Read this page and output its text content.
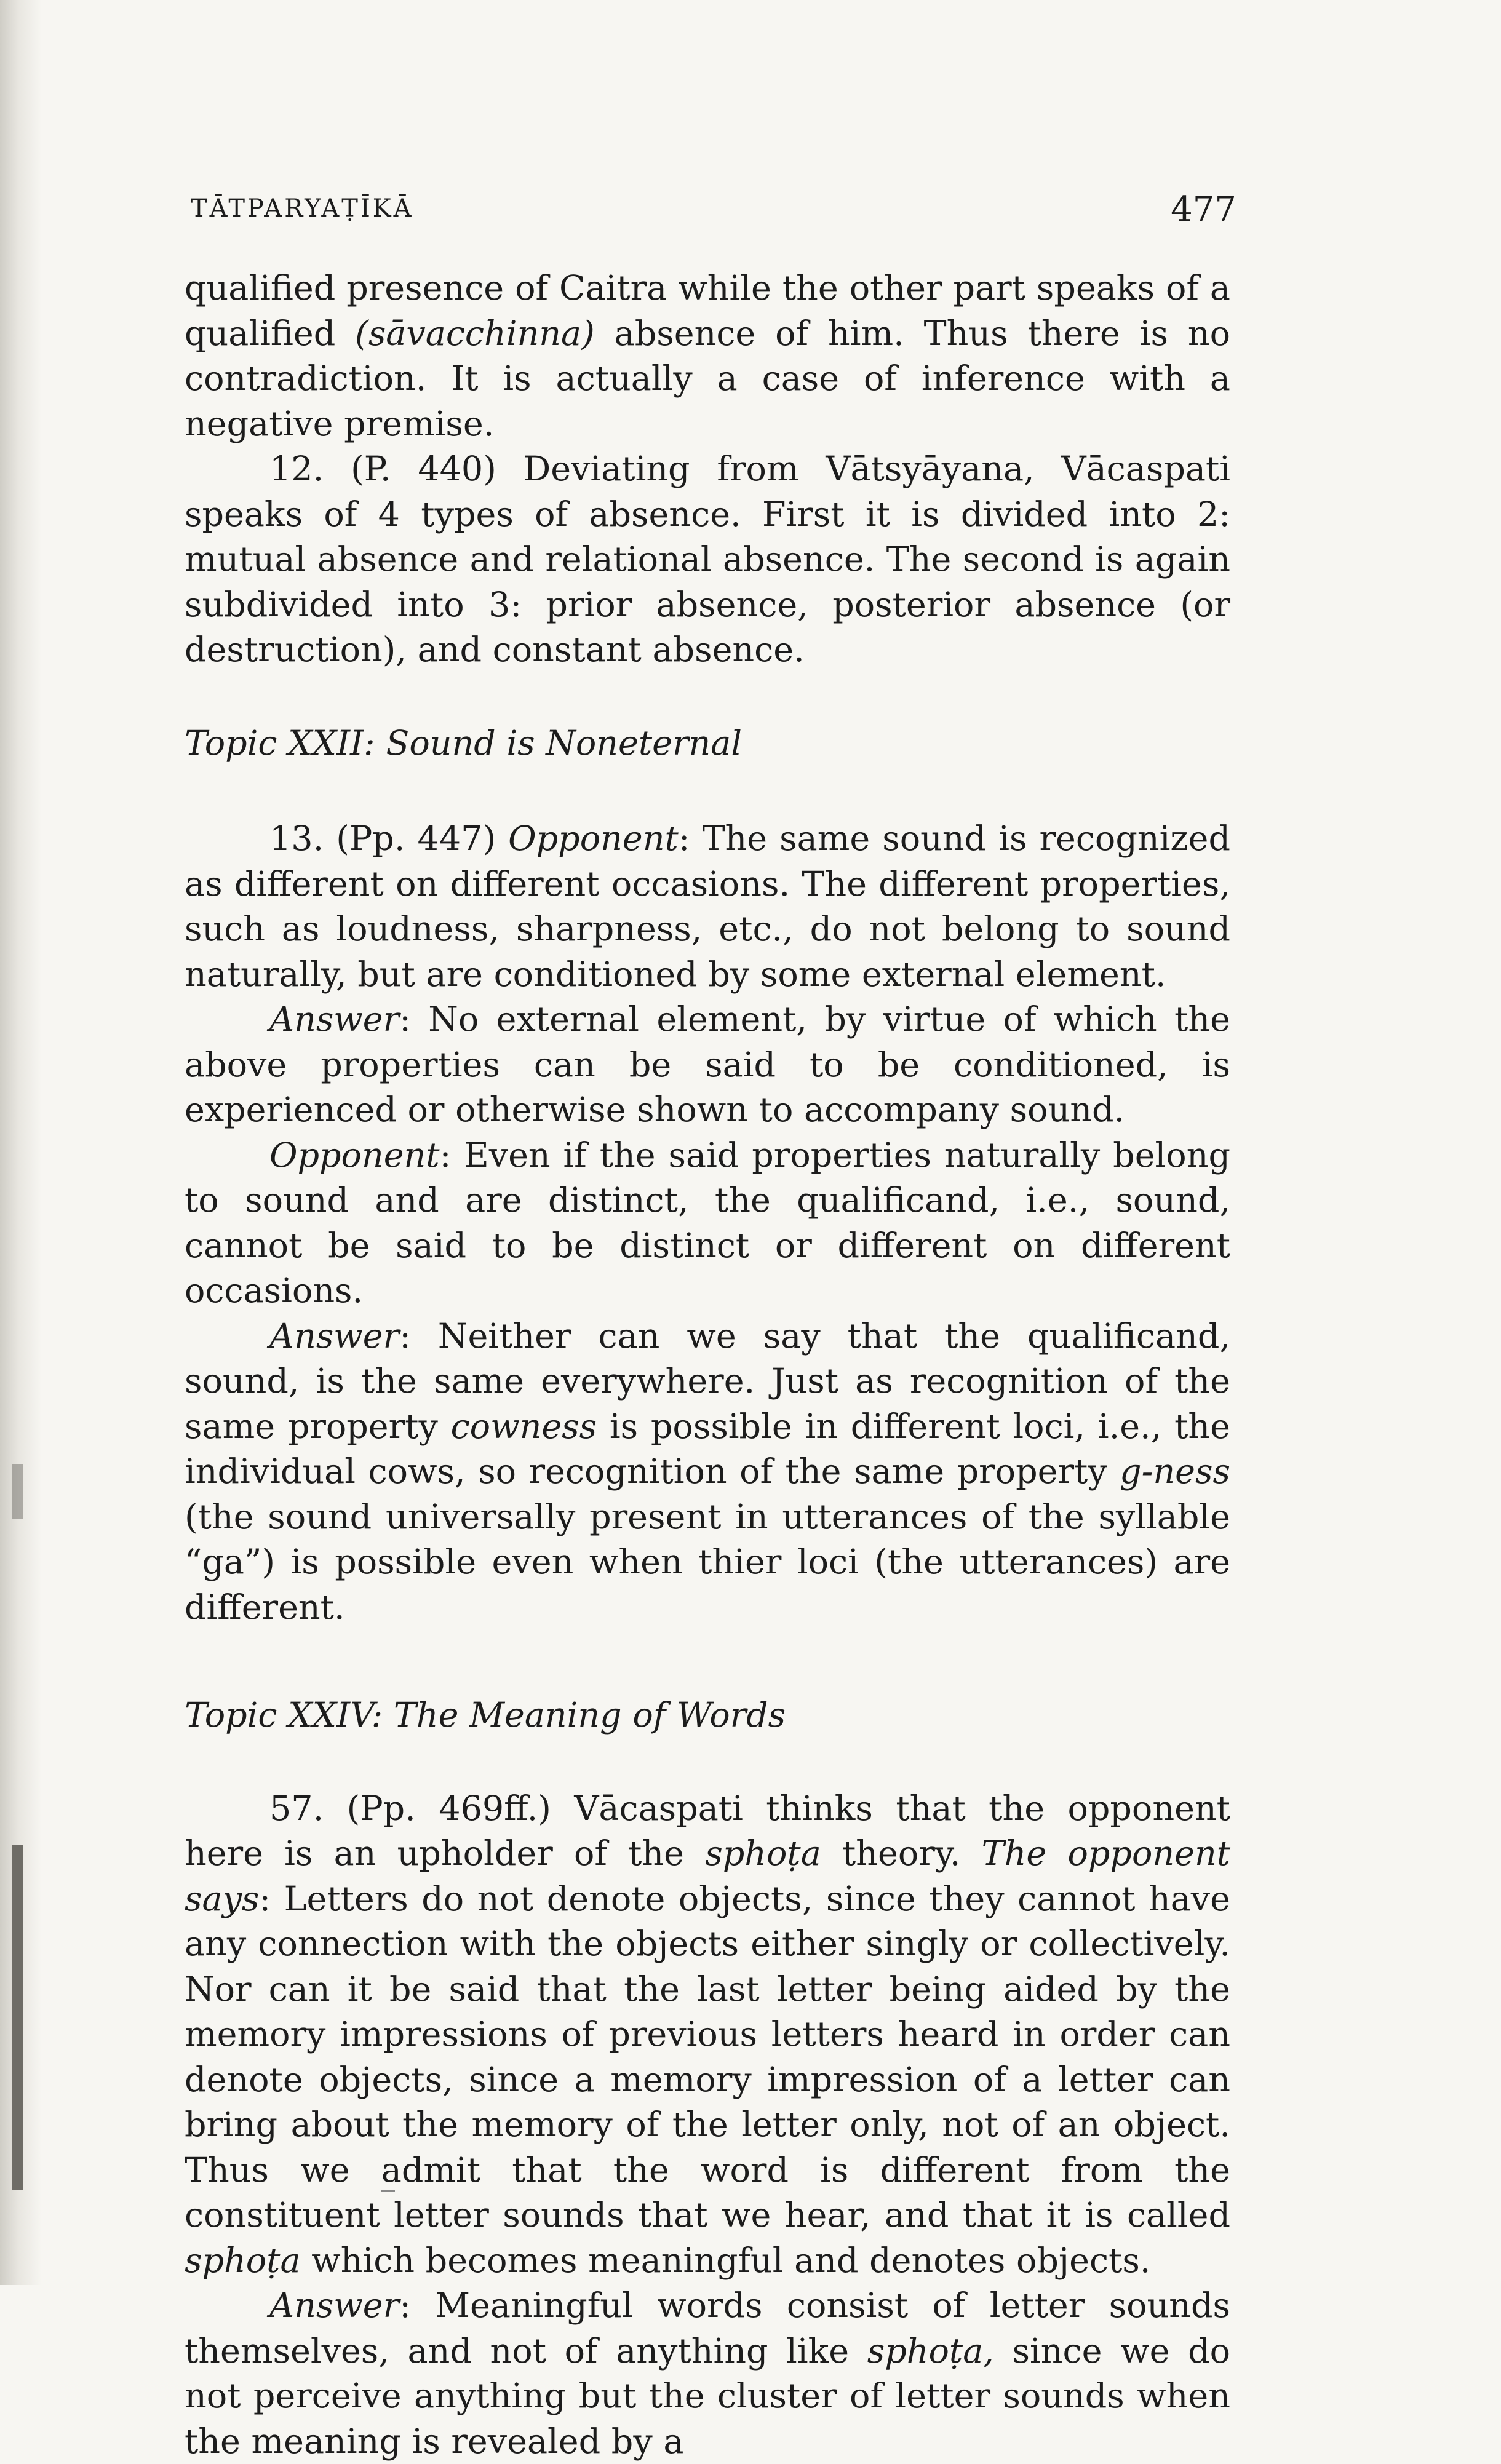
TĀTPARYAṬĪKĀ	477

qualified presence of Caitra while the other part speaks of a qualified (sāvacchinna) absence of him. Thus there is no contradiction. It is actually a case of inference with a negative premise.

12. (P. 440) Deviating from Vātsyāyana, Vācaspati speaks of 4 types of absence. First it is divided into 2: mutual absence and relational absence. The second is again subdivided into 3: prior absence, posterior absence (or destruction), and constant absence.

Topic XXII: Sound is Noneternal

13. (Pp. 447) Opponent: The same sound is recognized as different on different occasions. The different properties, such as loudness, sharpness, etc., do not belong to sound naturally, but are conditioned by some external element.

Answer: No external element, by virtue of which the above properties can be said to be conditioned, is experienced or otherwise shown to accompany sound.

Opponent: Even if the said properties naturally belong to sound and are distinct, the qualificand, i.e., sound, cannot be said to be distinct or different on different occasions.

Answer: Neither can we say that the qualificand, sound, is the same everywhere. Just as recognition of the same property cowness is possible in different loci, i.e., the individual cows, so recognition of the same property g-ness (the sound universally present in utterances of the syllable “ga”) is possible even when thier loci (the utterances) are different.

Topic XXIV: The Meaning of Words

57. (Pp. 469ff.) Vācaspati thinks that the opponent here is an upholder of the sphoṭa theory. The opponent says: Letters do not denote objects, since they cannot have any connection with the objects either singly or collectively. Nor can it be said that the last letter being aided by the memory impressions of previous letters heard in order can denote objects, since a memory impression of a letter can bring about the memory of the letter only, not of an object. Thus we admit that the word is different from the constituent letter sounds that we hear, and that it is called sphoṭa which becomes meaningful and denotes objects.

Answer: Meaningful words consist of letter sounds themselves, and not of anything like sphoṭa, since we do not perceive anything but the cluster of letter sounds when the meaning is revealed by a
